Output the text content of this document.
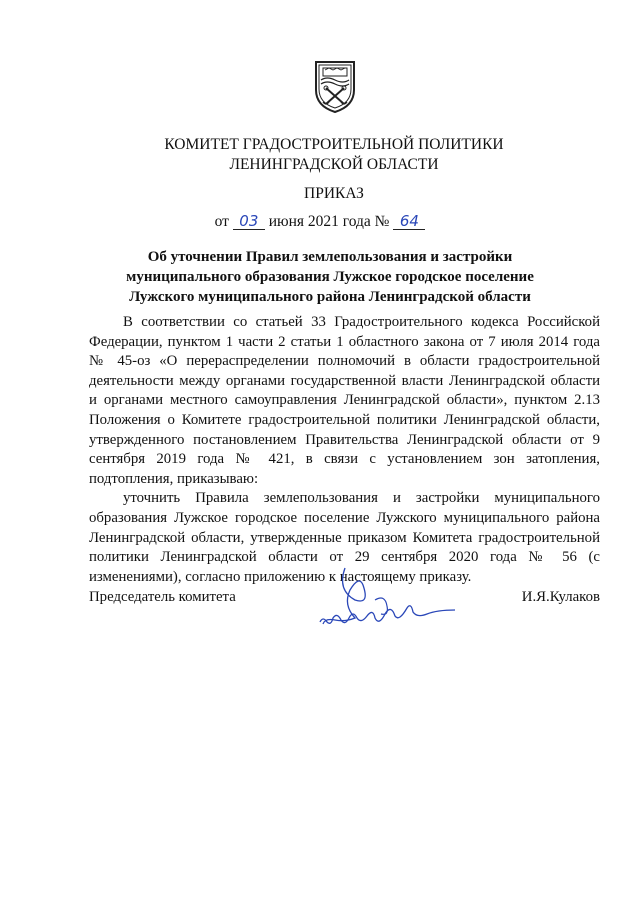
КОМИТЕТ ГРАДОСТРОИТЕЛЬНОЙ ПОЛИТИКИ
ЛЕНИНГРАДСКОЙ ОБЛАСТИ
ПРИКАЗ
от 03 июня 2021 года № 64
Об уточнении Правил землепользования и застройки
муниципального образования Лужское городское поселение
Лужского муниципального района Ленинградской области

В соответствии со статьей 33 Градостроительного кодекса Российской Федерации, пунктом 1 части 2 статьи 1 областного закона от 7 июля 2014 года № 45-оз «О перераспределении полномочий в области градостроительной деятельности между органами государственной власти Ленинградской области и органами местного самоуправления Ленинградской области», пунктом 2.13 Положения о Комитете градостроительной политики Ленинградской области, утвержденного постановлением Правительства Ленинградской области от 9 сентября 2019 года № 421, в связи с установлением зон затопления, подтопления, приказываю:

уточнить Правила землепользования и застройки муниципального образования Лужское городское поселение Лужского муниципального района Ленинградской области, утвержденные приказом Комитета градостроительной политики Ленинградской области от 29 сентября 2020 года № 56 (с изменениями), согласно приложению к настоящему приказу.

Председатель комитета	И.Я.Кулаков
